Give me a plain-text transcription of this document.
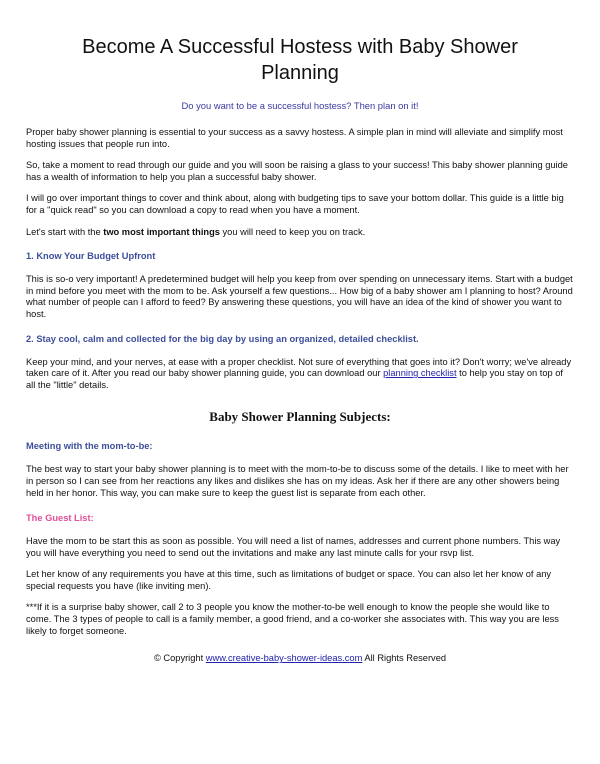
Become A Successful Hostess with Baby Shower Planning
Do you want to be a successful hostess? Then plan on it!

Proper baby shower planning is essential to your success as a savvy hostess. A simple plan in mind will alleviate and simplify most hosting issues that people run into.

So, take a moment to read through our guide and you will soon be raising a glass to your success! This baby shower planning guide has a wealth of information to help you plan a successful baby shower.

I will go over important things to cover and think about, along with budgeting tips to save your bottom dollar. This guide is a little big for a "quick read" so you can download a copy to read when you have a moment.

Let's start with the two most important things you will need to keep you on track.

1. Know Your Budget Upfront

This is so-o very important! A predetermined budget will help you keep from over spending on unnecessary items. Start with a budget in mind before you meet with the mom to be. Ask yourself a few questions... How big of a baby shower am I planning to host? Around what number of people can I afford to feed? By answering these questions, you will have an idea of the kind of shower you want to host.

2. Stay cool, calm and collected for the big day by using an organized, detailed checklist.

Keep your mind, and your nerves, at ease with a proper checklist. Not sure of everything that goes into it? Don't worry; we've already taken care of it. After you read our baby shower planning guide, you can download our planning checklist to help you stay on top of all the "little" details.

Baby Shower Planning Subjects:
Meeting with the mom-to-be:

The best way to start your baby shower planning is to meet with the mom-to-be to discuss some of the details. I like to meet with her in person so I can see from her reactions any likes and dislikes she has on my ideas. Ask her if there are any other showers being held in her honor. This way, you can make sure to keep the guest list is separate from each other.

The Guest List:

Have the mom to be start this as soon as possible. You will need a list of names, addresses and current phone numbers. This way you will have everything you need to send out the invitations and make any last minute calls for your rsvp list.

Let her know of any requirements you have at this time, such as limitations of budget or space. You can also let her know of any special requests you have (like inviting men).

***If it is a surprise baby shower, call 2 to 3 people you know the mother-to-be well enough to know the people she would like to come. The 3 types of people to call is a family member, a good friend, and a co-worker she associates with. This way you are less likely to forget someone.

© Copyright www.creative-baby-shower-ideas.com All Rights Reserved
